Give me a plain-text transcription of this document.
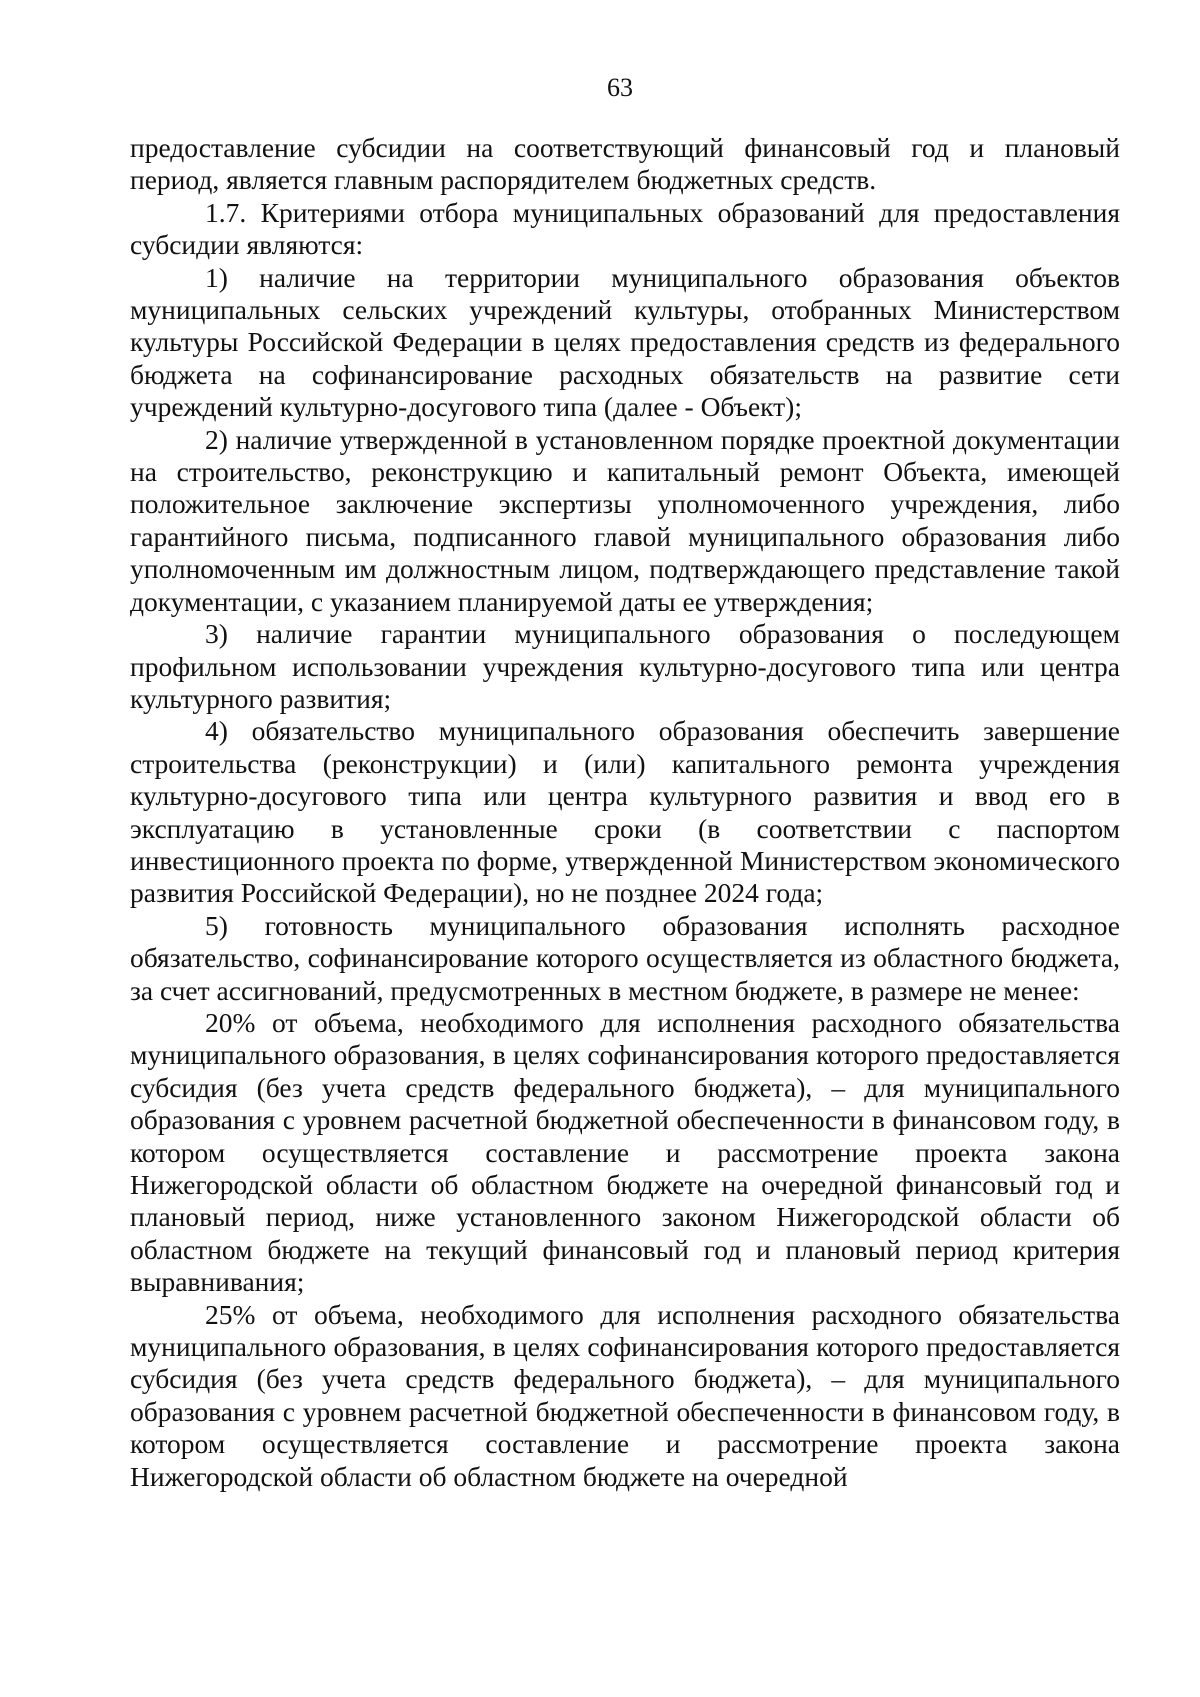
63

предоставление субсидии на соответствующий финансовый год и плановый период, является главным распорядителем бюджетных средств.

1.7. Критериями отбора муниципальных образований для предоставления субсидии являются:

1) наличие на территории муниципального образования объектов муниципальных сельских учреждений культуры, отобранных Министерством культуры Российской Федерации в целях предоставления средств из федерального бюджета на софинансирование расходных обязательств на развитие сети учреждений культурно-досугового типа (далее - Объект);

2) наличие утвержденной в установленном порядке проектной документации на строительство, реконструкцию и капитальный ремонт Объекта, имеющей положительное заключение экспертизы уполномоченного учреждения, либо гарантийного письма, подписанного главой муниципального образования либо уполномоченным им должностным лицом, подтверждающего представление такой документации, с указанием планируемой даты ее утверждения;

3) наличие гарантии муниципального образования о последующем профильном использовании учреждения культурно-досугового типа или центра культурного развития;

4) обязательство муниципального образования обеспечить завершение строительства (реконструкции) и (или) капитального ремонта учреждения культурно-досугового типа или центра культурного развития и ввод его в эксплуатацию в установленные сроки (в соответствии с паспортом инвестиционного проекта по форме, утвержденной Министерством экономического развития Российской Федерации), но не позднее 2024 года;

5) готовность муниципального образования исполнять расходное обязательство, софинансирование которого осуществляется из областного бюджета, за счет ассигнований, предусмотренных в местном бюджете, в размере не менее:

20% от объема, необходимого для исполнения расходного обязательства муниципального образования, в целях софинансирования которого предоставляется субсидия (без учета средств федерального бюджета), – для муниципального образования с уровнем расчетной бюджетной обеспеченности в финансовом году, в котором осуществляется составление и рассмотрение проекта закона Нижегородской области об областном бюджете на очередной финансовый год и плановый период, ниже установленного законом Нижегородской области об областном бюджете на текущий финансовый год и плановый период критерия выравнивания;

25% от объема, необходимого для исполнения расходного обязательства муниципального образования, в целях софинансирования которого предоставляется субсидия (без учета средств федерального бюджета), – для муниципального образования с уровнем расчетной бюджетной обеспеченности в финансовом году, в котором осуществляется составление и рассмотрение проекта закона Нижегородской области об областном бюджете на очередной
